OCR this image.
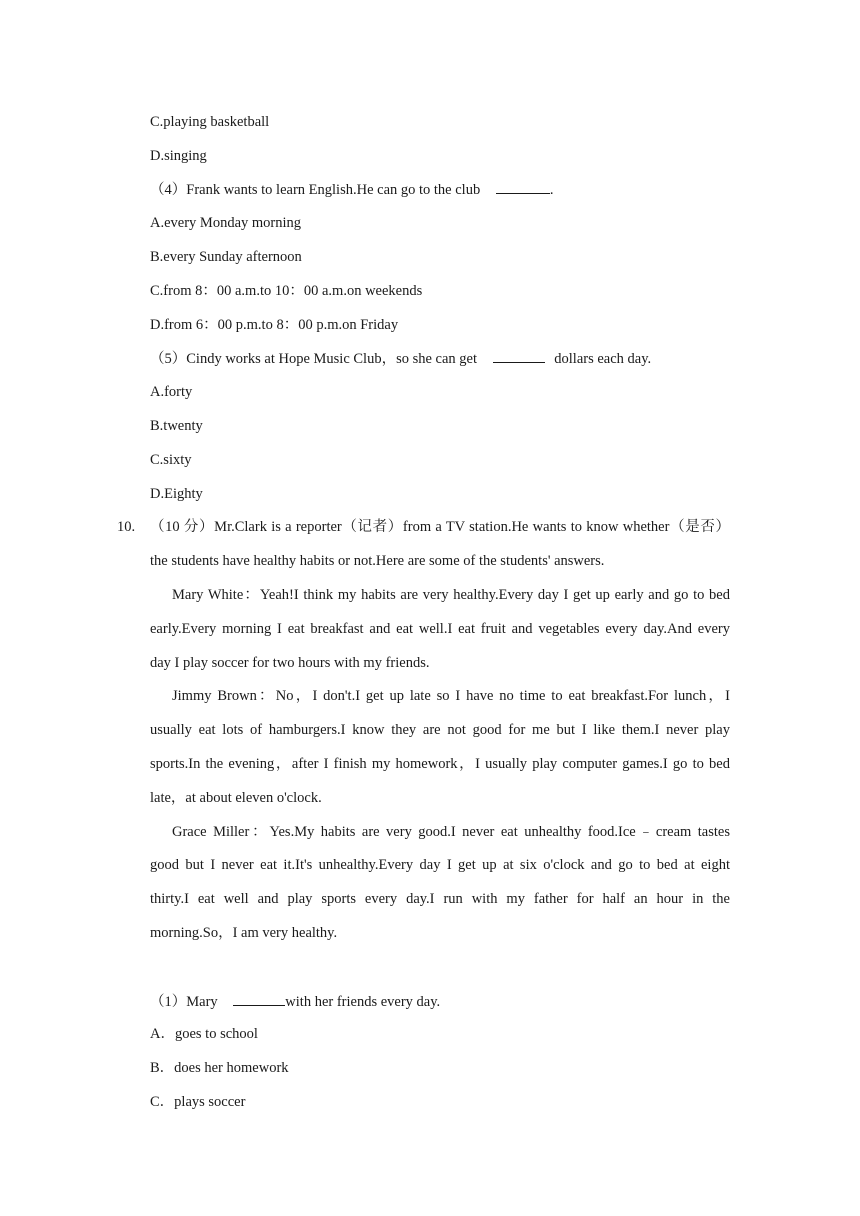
C.playing basketball
D.singing
（4）Frank wants to learn English.He can go to the club	.
A.every Monday morning
B.every Sunday afternoon
C.from 8：00 a.m.to 10：00 a.m.on weekends
D.from 6：00 p.m.to 8：00 p.m.on Friday
（5）Cindy works at Hope Music Club，so she can get	dollars each day.
A.forty
B.twenty
C.sixty
D.Eighty
10. （10 分）Mr.Clark is a reporter（记者）from a TV station.He wants to know whether（是否）
the students have healthy habits or not.Here are some of the students' answers.
Mary White：Yeah!I think my habits are very healthy.Every day I get up early and go to bed
early.Every morning I eat breakfast and eat well.I eat fruit and vegetables every day.And every
day I play soccer for two hours with my friends.
Jimmy Brown：No，I don't.I get up late so I have no time to eat breakfast.For lunch，I
usually eat lots of hamburgers.I know they are not good for me but I like them.I never play
sports.In the evening，after I finish my homework，I usually play computer games.I go to bed
late，at about eleven o'clock.
Grace Miller：Yes.My habits are very good.I never eat unhealthy food.Ice﹣cream tastes
good but I never eat it.It's unhealthy.Every day I get up at six o'clock and go to bed at eight
thirty.I eat well and play sports every day.I run with my father for half an hour in the
morning.So，I am very healthy.
（1）Mary	with her friends every day.
A．goes to school
B．does her homework
C．plays soccer
